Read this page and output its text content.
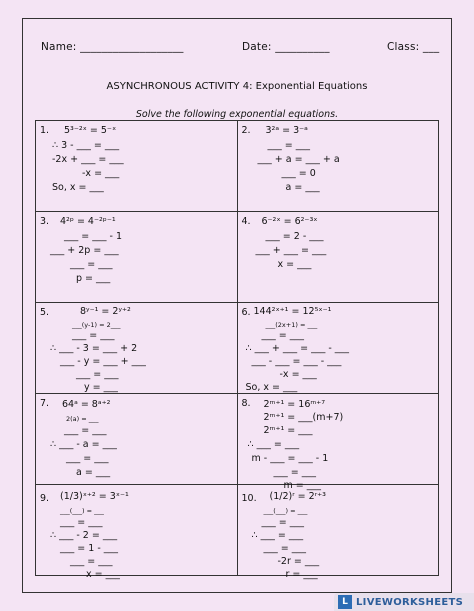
Name: ___________________	Date: __________	Class: ___
ASYNCHRONOUS ACTIVITY 4: Exponential Equations
Solve the following exponential equations.
1. 5³⁻²ˣ = 5⁻ˣ
∴ 3 - ___ = ___
-2x + ___ = ___
-x = ___
So, x = ___
2. 3²ᵃ = 3⁻ᵃ
___ = ___
___ + a = ___ + a
___ = 0
a = ___
3. 4²ᵖ = 4⁻²ᵖ⁻¹
___ = ___ - 1
___ + 2p = ___
___ = ___
p = ___
4. 6⁻²ˣ = 6²⁻³ˣ
___ = 2 - ___
___ + ___ = ___
x = ___
5.	8ʸ⁻¹ = 2ʸ⁺²
___(y-1) = 2___
___ = ___
∴ ___ - 3 = ___ + 2
___ - y = ___ + ___
___ = ___
y = ___
6. 144²ˣ⁺¹ = 12⁵ˣ⁻¹
___(2x+1) = ___
___ = ___
∴ ___ + ___ = ___ - ___
___ - ___ = ___ - ___
-x = ___
So, x = ___
7. 64ᵃ = 8ᵃ⁺²
2(a) = ___
___ = ___
∴ ___ - a = ___
___ = ___
a = ___
8. 2ᵐ⁺¹ = 16ᵐ⁺⁷
2ᵐ⁺¹ = ___(m+7)
2ᵐ⁺¹ = ___
∴ ___ = ___
m - ___ = ___ - 1
___ = ___
m = ___
9. (1/3)ˣ⁺² = 3ˣ⁻¹
___(___) = ___
___ = ___
∴ ___ - 2 = ___
___ = 1 - ___
___ = ___
x = ___
10. (1/2)ʳ = 2ʳ⁺³
___(___) = ___
___ = ___
∴ ___ = ___
___ = ___
-2r = ___
r = ___
L LIVEWORKSHEETS
